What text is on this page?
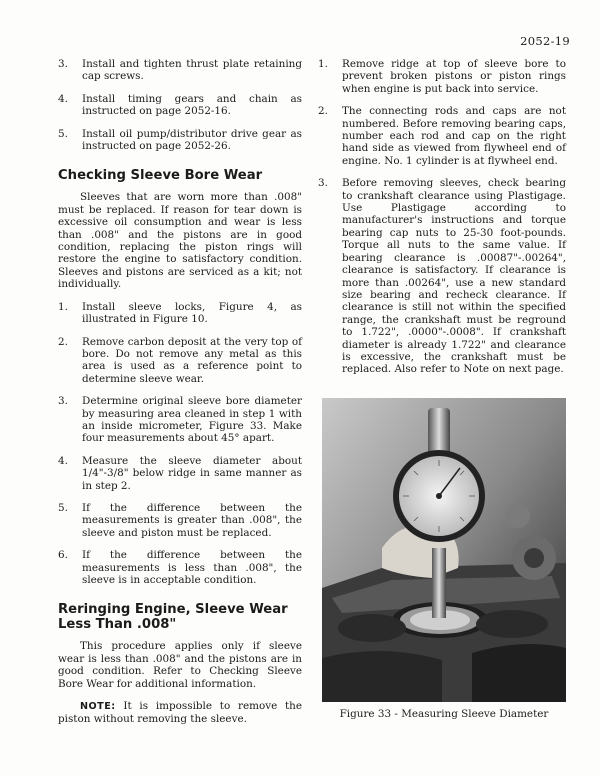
2052-19
3.	Install and tighten thrust plate retaining cap screws.
4.	Install timing gears and chain as instructed on page 2052-16.
5.	Install oil pump/distributor drive gear as instructed on page 2052-26.
Checking Sleeve Bore Wear

Sleeves that are worn more than .008" must be replaced. If reason for tear down is excessive oil consumption and wear is less than .008" and the pistons are in good condition, replacing the piston rings will restore the engine to satisfactory condition. Sleeves and pistons are serviced as a kit; not individually.

1.	Install sleeve locks, Figure 4, as illustrated in Figure 10.
2.	Remove carbon deposit at the very top of bore. Do not remove any metal as this area is used as a reference point to determine sleeve wear.
3.	Determine original sleeve bore diameter by measuring area cleaned in step 1 with an inside micrometer, Figure 33. Make four measurements about 45° apart.
4.	Measure the sleeve diameter about 1/4"-3/8" below ridge in same manner as in step 2.
5.	If the difference between the measurements is greater than .008", the sleeve and piston must be replaced.
6.	If the difference between the measurements is less than .008", the sleeve is in acceptable condition.
Reringing Engine, Sleeve Wear Less Than .008"

This procedure applies only if sleeve wear is less than .008" and the pistons are in good condition. Refer to Checking Sleeve Bore Wear for additional information.

NOTE: It is impossible to remove the piston without removing the sleeve.

1.	Remove ridge at top of sleeve bore to prevent broken pistons or piston rings when engine is put back into service.
2.	The connecting rods and caps are not numbered. Before removing bearing caps, number each rod and cap on the right hand side as viewed from flywheel end of engine. No. 1 cylinder is at flywheel end.
3.	Before removing sleeves, check bearing to crankshaft clearance using Plastigage. Use Plastigage according to manufacturer's instructions and torque bearing cap nuts to 25-30 foot-pounds. Torque all nuts to the same value. If bearing clearance is .00087"-.00264", clearance is satisfactory. If clearance is more than .00264", use a new standard size bearing and recheck clearance. If clearance is still not within the specified range, the crankshaft must be reground to 1.722", .0000"-.0008". If crankshaft diameter is already 1.722" and clearance is excessive, the crankshaft must be replaced. Also refer to Note on next page.
Figure 33 - Measuring Sleeve Diameter
